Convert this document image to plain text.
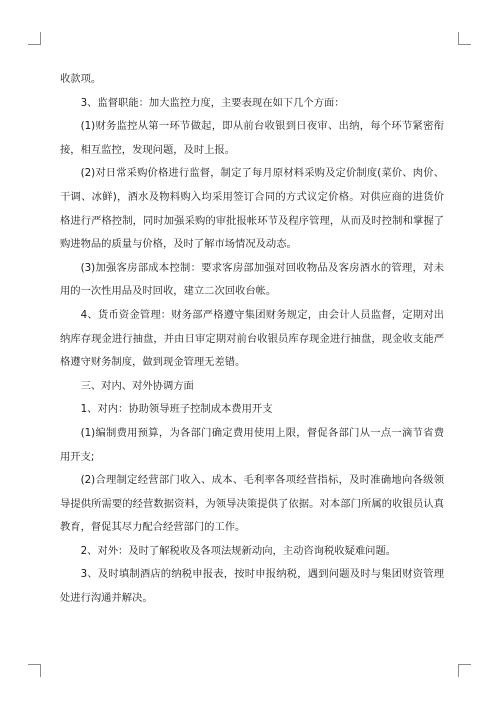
收款项。

3、监督职能：加大监控力度，主要表现在如下几个方面：

(1)财务监控从第一环节做起，即从前台收银到日夜审、出纳，每个环节紧密衔接，相互监控，发现问题，及时上报。

(2)对日常采购价格进行监督，制定了每月原材料采购及定价制度(菜价、肉价、干调、冰鲜)，酒水及物料购入均采用签订合同的方式议定价格。对供应商的进货价格进行严格控制，同时加强采购的审批报帐环节及程序管理，从而及时控制和掌握了购进物品的质量与价格，及时了解市场情况及动态。

(3)加强客房部成本控制：要求客房部加强对回收物品及客房酒水的管理，对未用的一次性用品及时回收，建立二次回收台帐。

4、货币资金管理：财务部严格遵守集团财务规定，由会计人员监督，定期对出纳库存现金进行抽盘，并由日审定期对前台收银员库存现金进行抽盘，现金收支能严格遵守财务制度，做到现金管理无差错。

三、对内、对外协调方面

1、对内：协助领导班子控制成本费用开支

(1)编制费用预算，为各部门确定费用使用上限，督促各部门从一点一滴节省费用开支;

(2)合理制定经营部门收入、成本、毛利率各项经营指标，及时准确地向各级领导提供所需要的经营数据资料，为领导决策提供了依据。对本部门所属的收银员认真教育，督促其尽力配合经营部门的工作。

2、对外：及时了解税收及各项法规新动向，主动咨询税收疑难问题。

3、及时填制酒店的纳税申报表，按时申报纳税，遇到问题及时与集团财资管理处进行沟通并解决。
